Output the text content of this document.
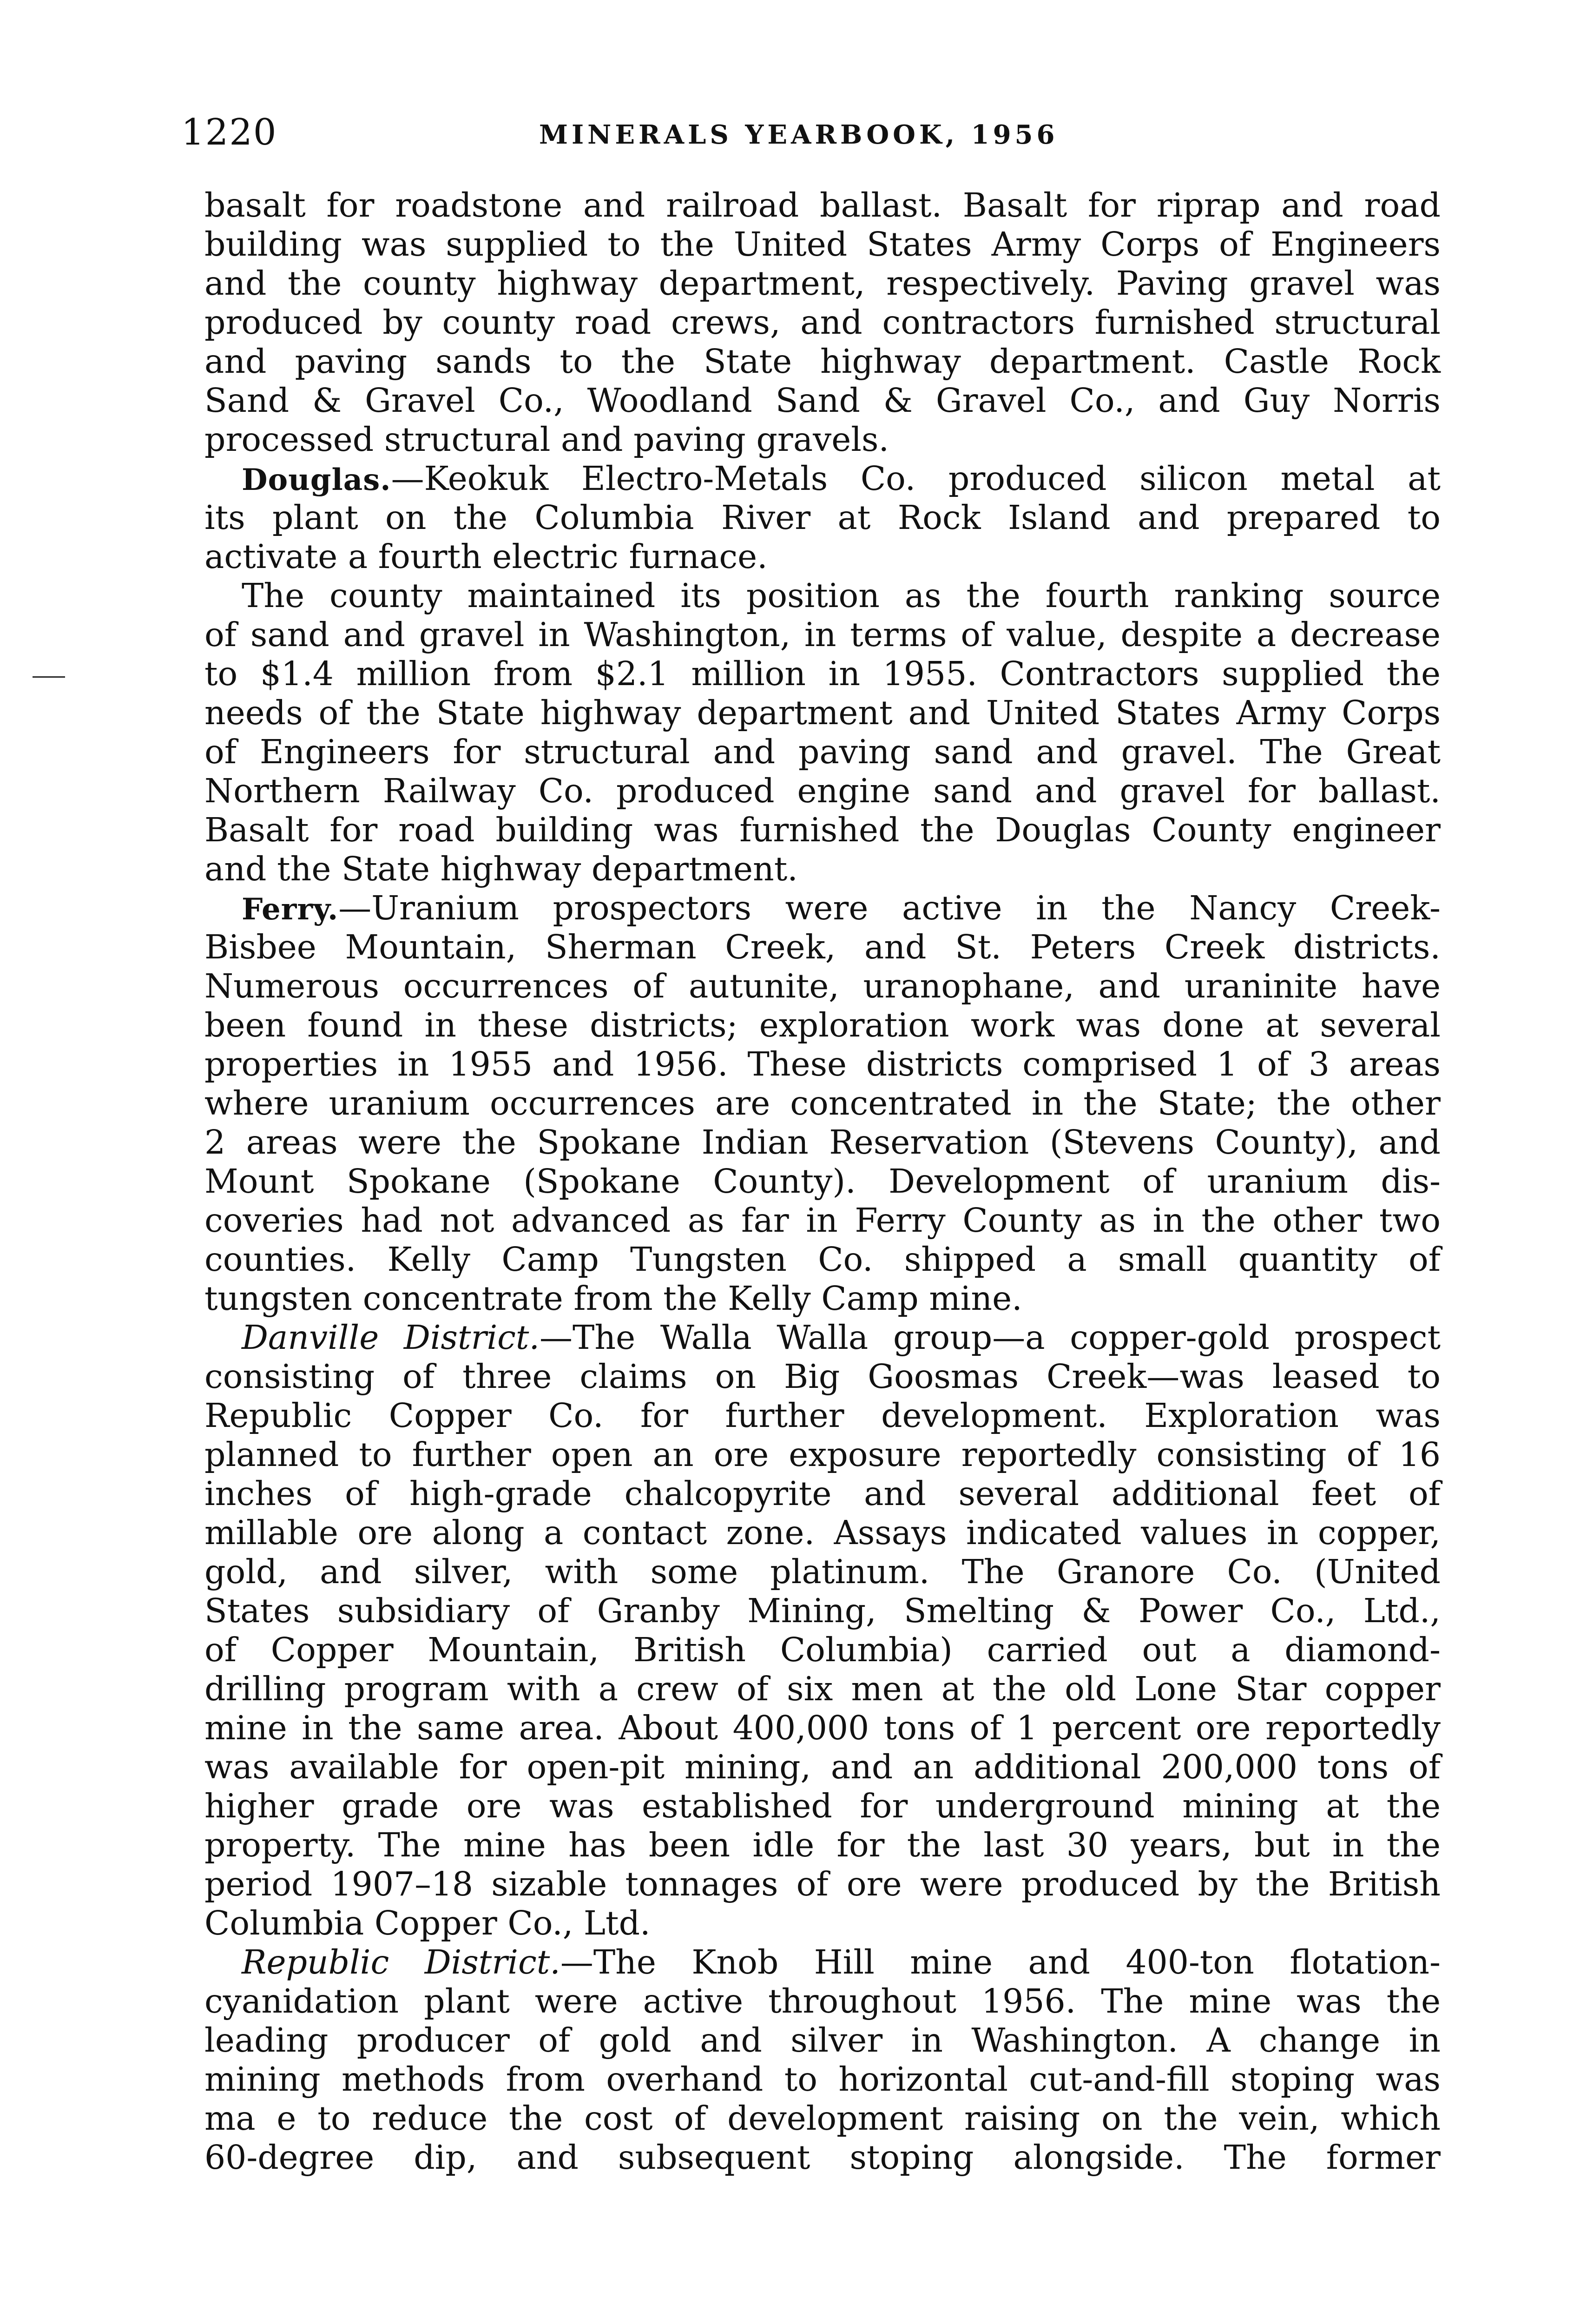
1220	MINERALS YEARBOOK, 1956
basalt for roadstone and railroad ballast. Basalt for riprap and road
building was supplied to the United States Army Corps of Engineers
and the county highway department, respectively. Paving gravel was
produced by county road crews, and contractors furnished structural
and paving sands to the State highway department. Castle Rock
Sand & Gravel Co., Woodland Sand & Gravel Co., and Guy Norris
processed structural and paving gravels.
Douglas.—Keokuk Electro-Metals Co. produced silicon metal at
its plant on the Columbia River at Rock Island and prepared to
activate a fourth electric furnace.
The county maintained its position as the fourth ranking source
of sand and gravel in Washington, in terms of value, despite a decrease
to $1.4 million from $2.1 million in 1955. Contractors supplied the
needs of the State highway department and United States Army Corps
of Engineers for structural and paving sand and gravel. The Great
Northern Railway Co. produced engine sand and gravel for ballast.
Basalt for road building was furnished the Douglas County engineer
and the State highway department.
Ferry.—Uranium prospectors were active in the Nancy Creek-
Bisbee Mountain, Sherman Creek, and St. Peters Creek districts.
Numerous occurrences of autunite, uranophane, and uraninite have
been found in these districts; exploration work was done at several
properties in 1955 and 1956. These districts comprised 1 of 3 areas
where uranium occurrences are concentrated in the State; the other
2 areas were the Spokane Indian Reservation (Stevens County), and
Mount Spokane (Spokane County). Development of uranium dis-
coveries had not advanced as far in Ferry County as in the other two
counties. Kelly Camp Tungsten Co. shipped a small quantity of
tungsten concentrate from the Kelly Camp mine.
Danville District.—The Walla Walla group—a copper-gold prospect
consisting of three claims on Big Goosmas Creek—was leased to
Republic Copper Co. for further development. Exploration was
planned to further open an ore exposure reportedly consisting of 16
inches of high-grade chalcopyrite and several additional feet of
millable ore along a contact zone. Assays indicated values in copper,
gold, and silver, with some platinum. The Granore Co. (United
States subsidiary of Granby Mining, Smelting & Power Co., Ltd.,
of Copper Mountain, British Columbia) carried out a diamond-
drilling program with a crew of six men at the old Lone Star copper
mine in the same area. About 400,000 tons of 1 percent ore reportedly
was available for open-pit mining, and an additional 200,000 tons of
higher grade ore was established for underground mining at the
property. The mine has been idle for the last 30 years, but in the
period 1907–18 sizable tonnages of ore were produced by the British
Columbia Copper Co., Ltd.
Republic District.—The Knob Hill mine and 400-ton flotation-
cyanidation plant were active throughout 1956. The mine was the
leading producer of gold and silver in Washington. A change in
mining methods from overhand to horizontal cut-and-fill stoping was
ma e to reduce the cost of development raising on the vein, which
60-degree dip, and subsequent stoping alongside. The former
